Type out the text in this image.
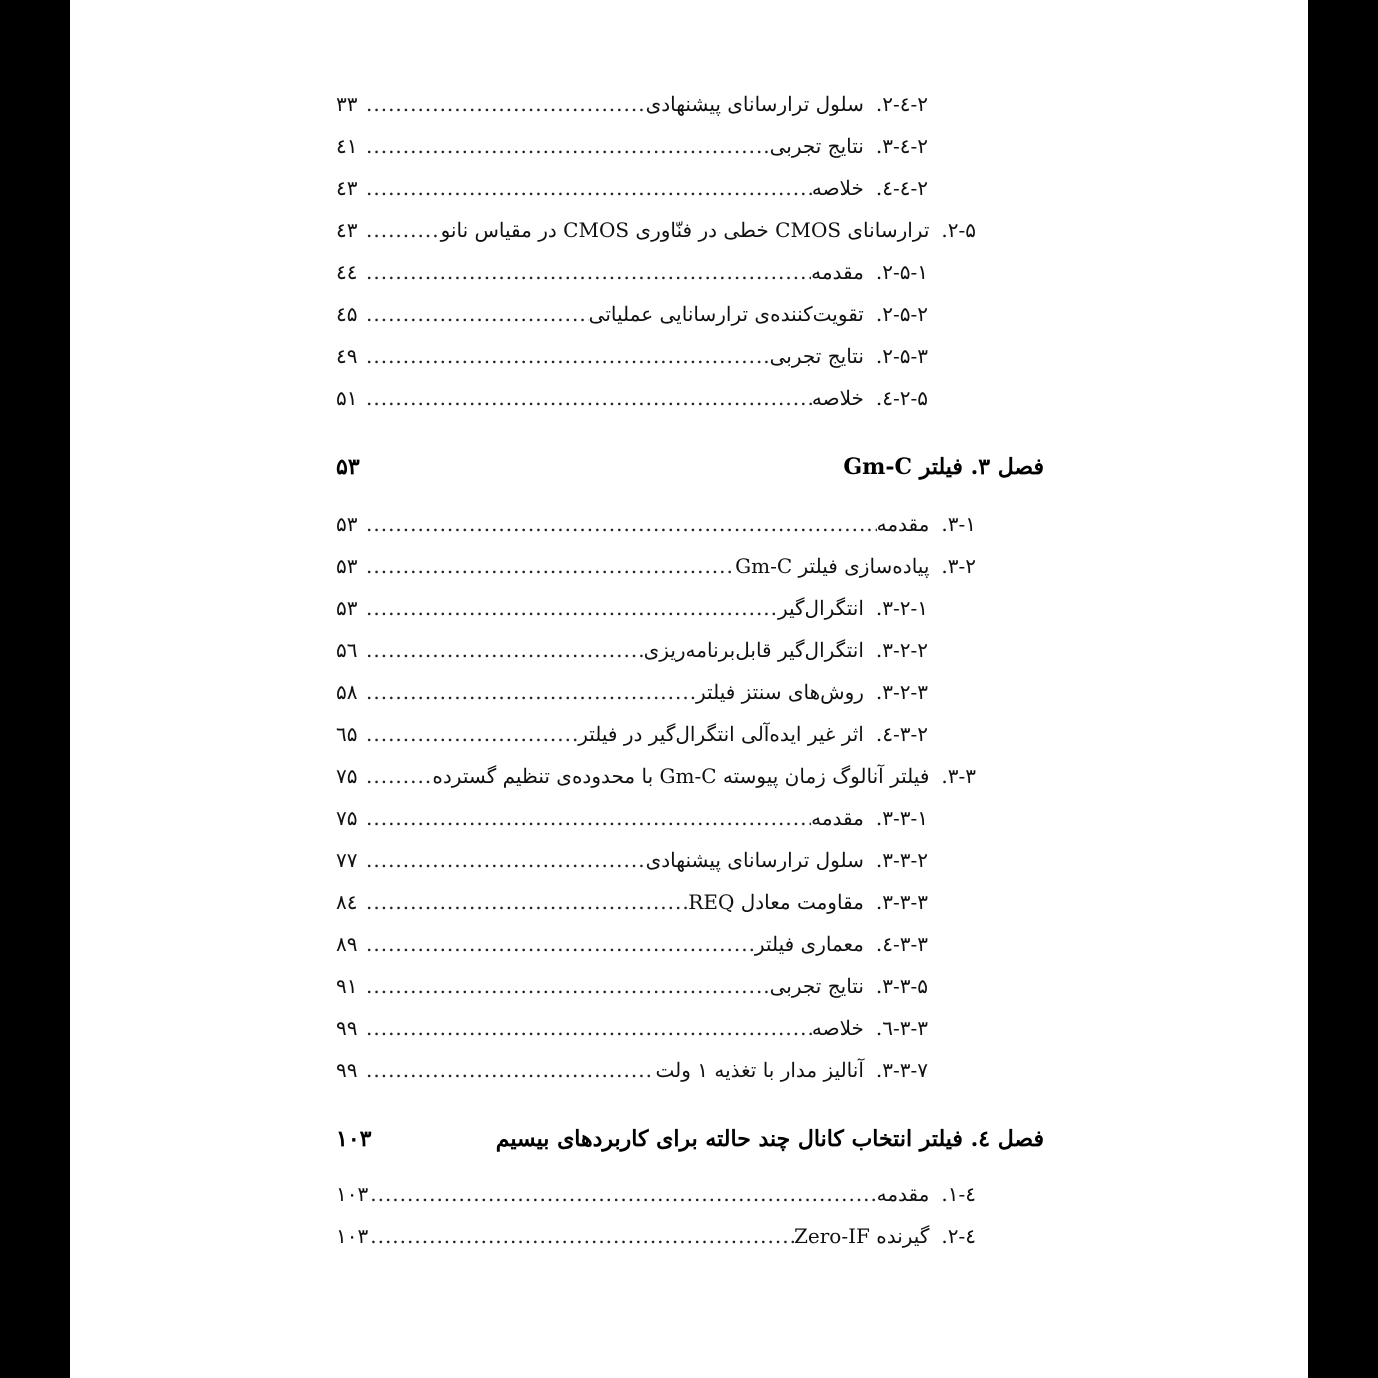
۲-٤-۲.
سلول ترارسانای پیشنهادی
.....
۳۳
۲-٤-۳.
نتایج تجربی
.....
٤۱
۲-٤-٤.
خلاصه
.....
٤۳
۲-۵.
ترارسانای CMOS خطی در فنّاوری CMOS در مقیاس نانو
.....
٤۳
۲-۵-۱.
مقدمه
.....
٤٤
۲-۵-۲.
تقویت‌کننده‌ی ترارسانایی عملیاتی
.....
٤۵
۲-۵-۳.
نتایج تجربی
.....
٤۹
۲-۵-٤.
خلاصه
.....
۵۱
فصل ۳. فیلتر Gm-C
۵۳
۳-۱.
مقدمه
.....
۵۳
۳-۲.
پیاده‌سازی فیلتر Gm-C
.....
۵۳
۳-۲-۱.
انتگرال‌گیر
.....
۵۳
۳-۲-۲.
انتگرال‌گیر قابل‌برنامه‌ریزی
.....
۵٦
۳-۲-۳.
روش‌های سنتز فیلتر
.....
۵۸
۳-۲-٤.
اثر غیر ایده‌آلی انتگرال‌گیر در فیلتر
.....
٦۵
۳-۳.
فیلتر آنالوگ زمان پیوسته Gm-C با محدوده‌ی تنظیم گسترده
.....
۷۵
۳-۳-۱.
مقدمه
.....
۷۵
۳-۳-۲.
سلول ترارسانای پیشنهادی
.....
۷۷
۳-۳-۳.
مقاومت معادل REQ
.....
۸٤
۳-۳-٤.
معماری فیلتر
.....
۸۹
۳-۳-۵.
نتایج تجربی
.....
۹۱
۳-۳-٦.
خلاصه
.....
۹۹
۳-۳-۷.
آنالیز مدار با تغذیه ۱ ولت
.....
۹۹
فصل ٤. فیلتر انتخاب کانال چند حالته برای کاربردهای بیسیم
۱۰۳
٤-۱.
مقدمه
.....
۱۰۳
٤-۲.
گیرنده Zero-IF
.....
۱۰۳
